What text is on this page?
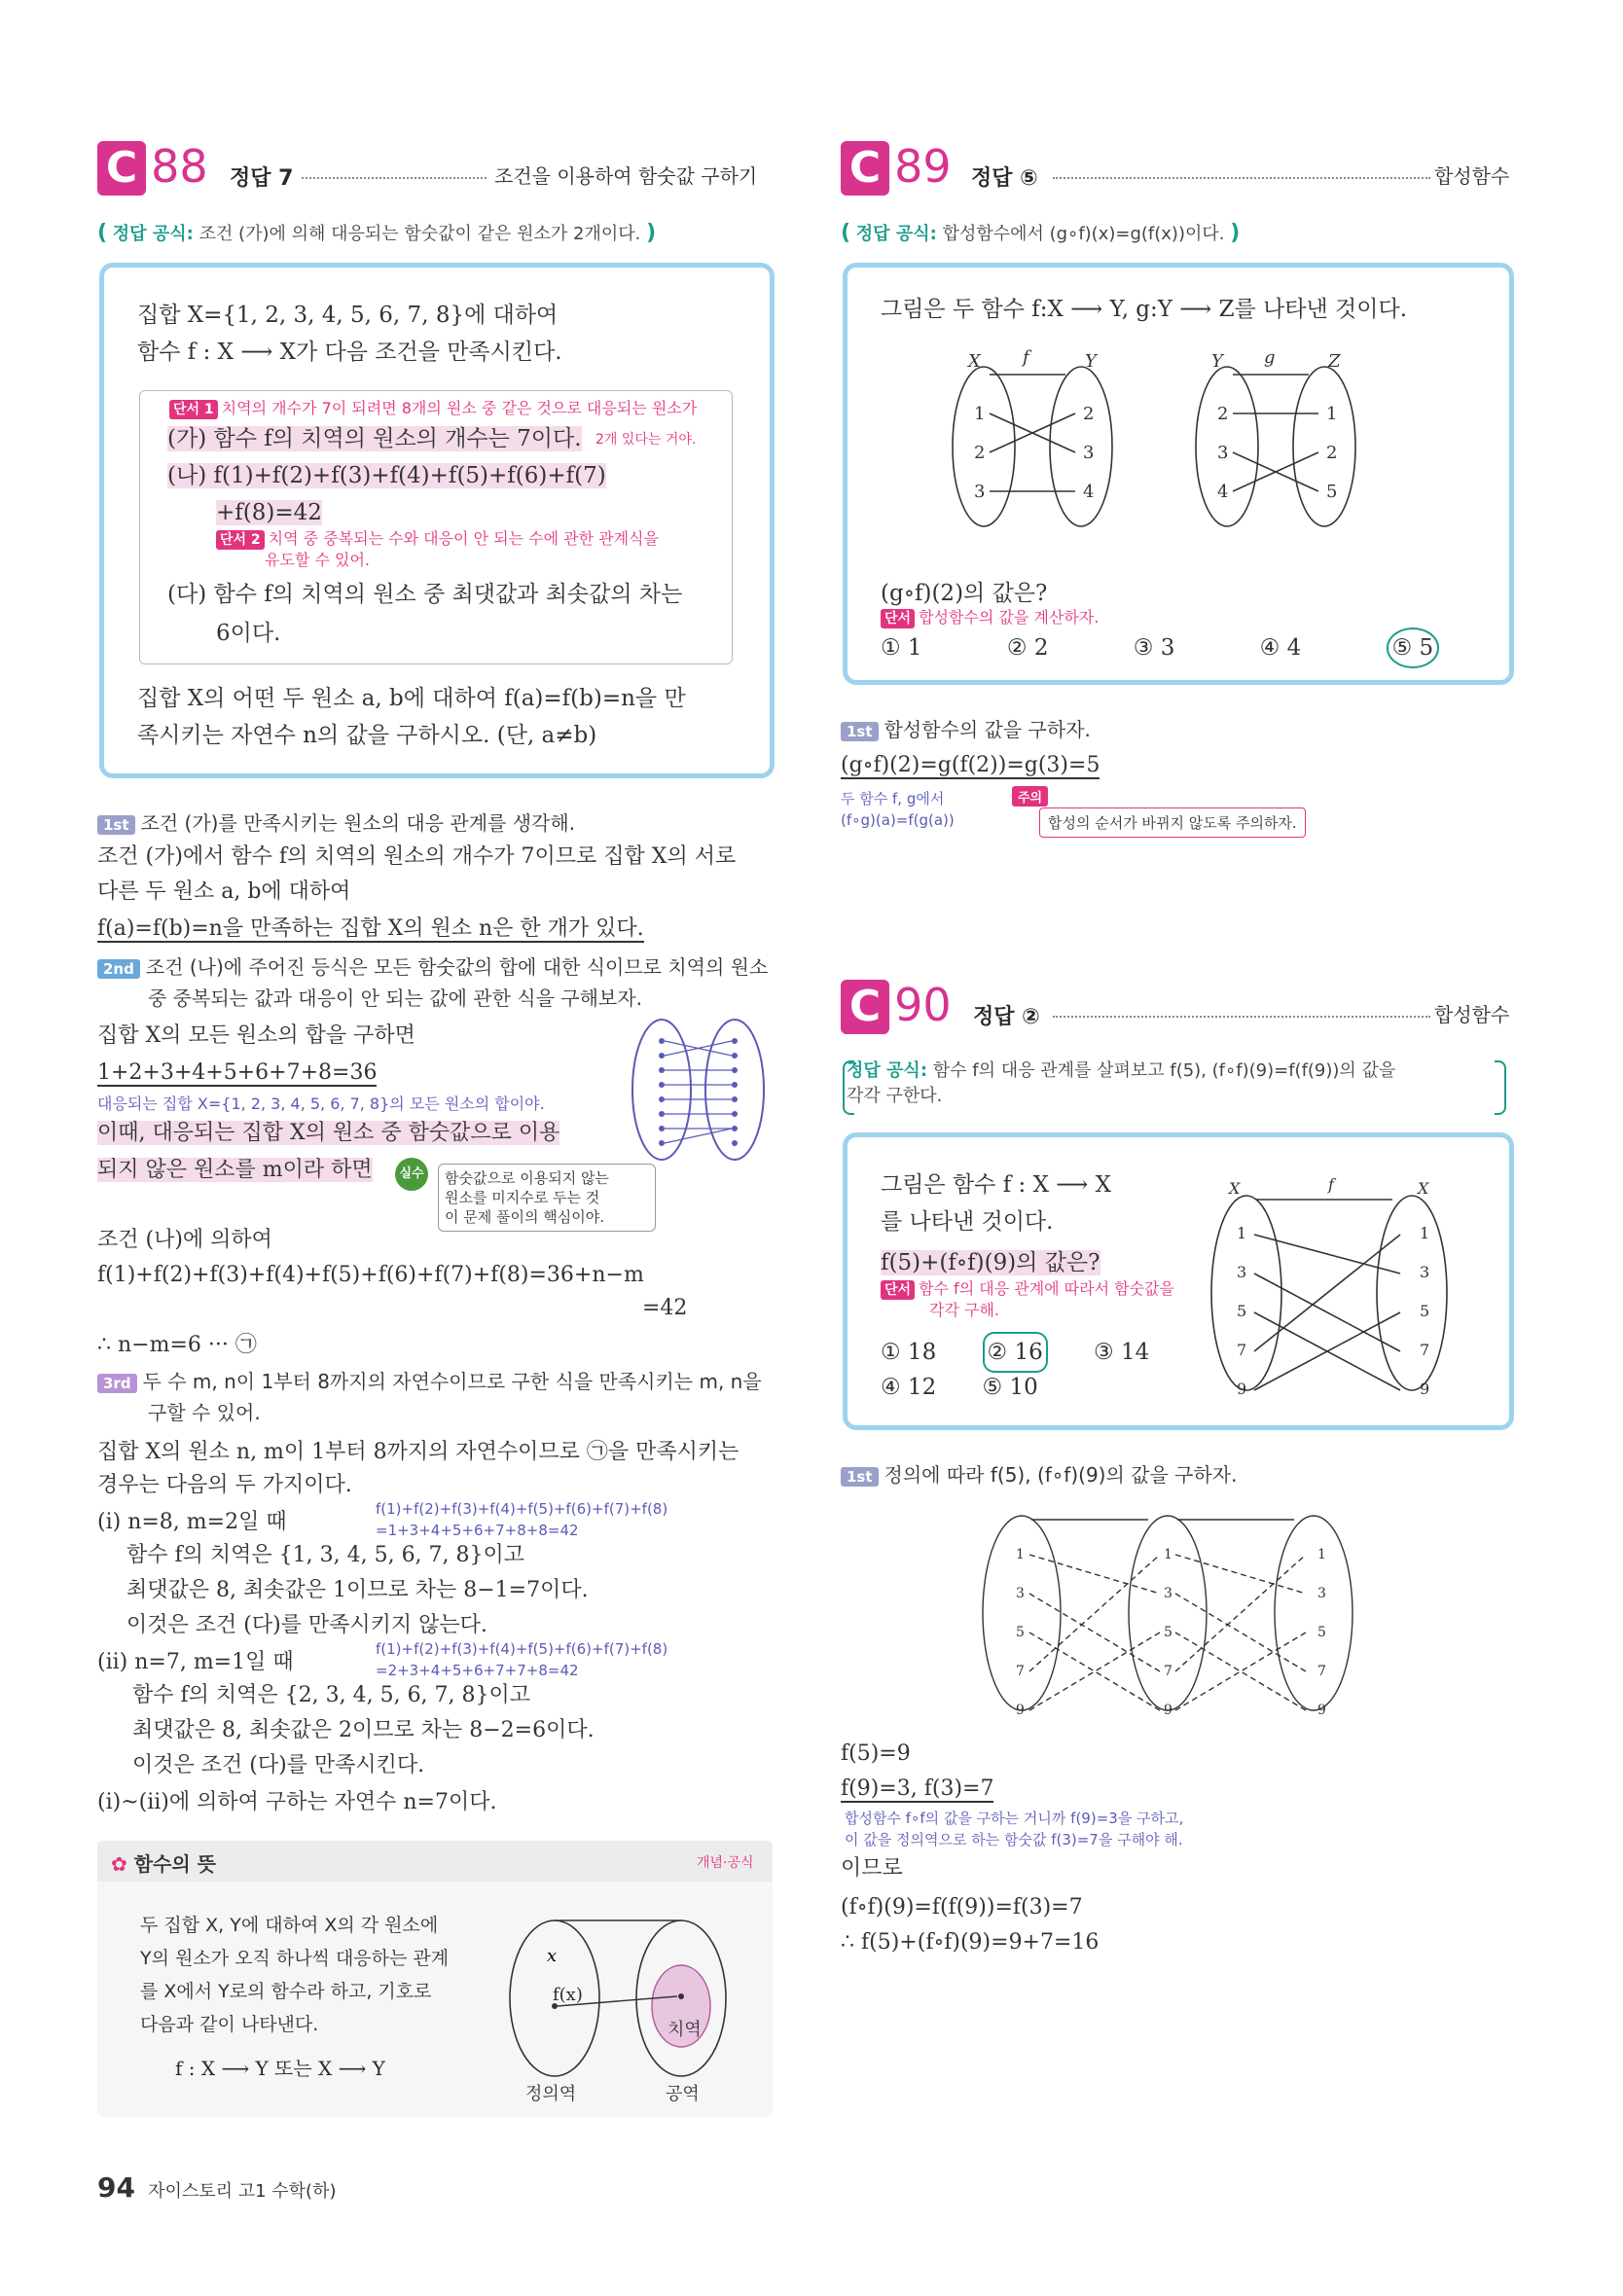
C 88 정답 7	조건을 이용하여 함숫값 구하기
( 정답 공식: 조건 (가)에 의해 대응되는 함숫값이 같은 원소가 2개이다. )
집합 X={1, 2, 3, 4, 5, 6, 7, 8}에 대하여
함수 f : X ⟶ X가 다음 조건을 만족시킨다.
단서 1 치역의 개수가 7이 되려면 8개의 원소 중 같은 것으로 대응되는 원소가
(가) 함수 f의 치역의 원소의 개수는 7이다. 2개 있다는 거야.
(나) f(1)+f(2)+f(3)+f(4)+f(5)+f(6)+f(7)
+f(8)=42
단서 2 치역 중 중복되는 수와 대응이 안 되는 수에 관한 관계식을
유도할 수 있어.
(다) 함수 f의 치역의 원소 중 최댓값과 최솟값의 차는
6이다.
집합 X의 어떤 두 원소 a, b에 대하여 f(a)=f(b)=n을 만
족시키는 자연수 n의 값을 구하시오. (단, a≠b)
1st 조건 (가)를 만족시키는 원소의 대응 관계를 생각해.
조건 (가)에서 함수 f의 치역의 원소의 개수가 7이므로 집합 X의 서로
다른 두 원소 a, b에 대하여
f(a)=f(b)=n을 만족하는 집합 X의 원소 n은 한 개가 있다.
2nd 조건 (나)에 주어진 등식은 모든 함숫값의 합에 대한 식이므로 치역의 원소
중 중복되는 값과 대응이 안 되는 값에 관한 식을 구해보자.
집합 X의 모든 원소의 합을 구하면
1+2+3+4+5+6+7+8=36
대응되는 집합 X={1, 2, 3, 4, 5, 6, 7, 8}의 모든 원소의 합이야.
이때, 대응되는 집합 X의 원소 중 함숫값으로 이용
되지 않은 원소를 m이라 하면	실수 함숫값으로 이용되지 않는
원소를 미지수로 두는 것
이 문제 풀이의 핵심이야.
조건 (나)에 의하여
f(1)+f(2)+f(3)+f(4)+f(5)+f(6)+f(7)+f(8)=36+n−m
=42
∴ n−m=6 ··· ㉠
3rd 두 수 m, n이 1부터 8까지의 자연수이므로 구한 식을 만족시키는 m, n을
구할 수 있어.
집합 X의 원소 n, m이 1부터 8까지의 자연수이므로 ㉠을 만족시키는
경우는 다음의 두 가지이다.
(i) n=8, m=2일 때
f(1)+f(2)+f(3)+f(4)+f(5)+f(6)+f(7)+f(8)
=1+3+4+5+6+7+8+8=42
함수 f의 치역은 {1, 3, 4, 5, 6, 7, 8}이고
최댓값은 8, 최솟값은 1이므로 차는 8−1=7이다.
이것은 조건 (다)를 만족시키지 않는다.
(ii) n=7, m=1일 때
f(1)+f(2)+f(3)+f(4)+f(5)+f(6)+f(7)+f(8)
=2+3+4+5+6+7+7+8=42
함수 f의 치역은 {2, 3, 4, 5, 6, 7, 8}이고
최댓값은 8, 최솟값은 2이므로 차는 8−2=6이다.
이것은 조건 (다)를 만족시킨다.
(i)~(ii)에 의하여 구하는 자연수 n=7이다.
✿ 함수의 뜻	개념·공식
두 집합 X, Y에 대하여 X의 각 원소에
Y의 원소가 오직 하나씩 대응하는 관계
를 X에서 Y로의 함수라 하고, 기호로
다음과 같이 나타낸다.
f : X ⟶ Y 또는 X ⟶ Y
x
f(x)
치역
정의역	공역
C 89 정답 ⑤	합성함수
( 정답 공식: 합성함수에서 (g∘f)(x)=g(f(x))이다. )
그림은 두 함수 f:X ⟶ Y, g:Y ⟶ Z를 나타낸 것이다.
X	Y
f	Y	Z
g
1
2
3
2
3
4
2
3
4
1
2
5
(g∘f)(2)의 값은?
단서 합성함수의 값을 계산하자.
① 1	② 2	③ 3	④ 4	⑤ 5
1st 합성함수의 값을 구하자.
(g∘f)(2)=g(f(2))=g(3)=5
두 함수 f, g에서
(f∘g)(a)=f(g(a))
주의
합성의 순서가 바뀌지 않도록 주의하자.
C 90 정답 ②	합성함수
정답 공식: 함수 f의 대응 관계를 살펴보고 f(5), (f∘f)(9)=f(f(9))의 값을
각각 구한다.
그림은 함수 f : X ⟶ X
를 나타낸 것이다.
f(5)+(f∘f)(9)의 값은?
단서 함수 f의 대응 관계에 따라서 함숫값을
각각 구해.
① 18 ② 16 ③ 14
④ 12 ⑤ 10
X	X
f
1
3
5
7
9
1
3
5
7
9
1st 정의에 따라 f(5), (f∘f)(9)의 값을 구하자.
1
3
5
7
9
1
3
5
7
9
1
3
5
7
9
f(5)=9
f(9)=3, f(3)=7
합성함수 f∘f의 값을 구하는 거니까 f(9)=3을 구하고,
이 값을 정의역으로 하는 함숫값 f(3)=7을 구해야 해.
이므로
(f∘f)(9)=f(f(9))=f(3)=7
∴ f(5)+(f∘f)(9)=9+7=16
94 자이스토리 고1 수학(하)
